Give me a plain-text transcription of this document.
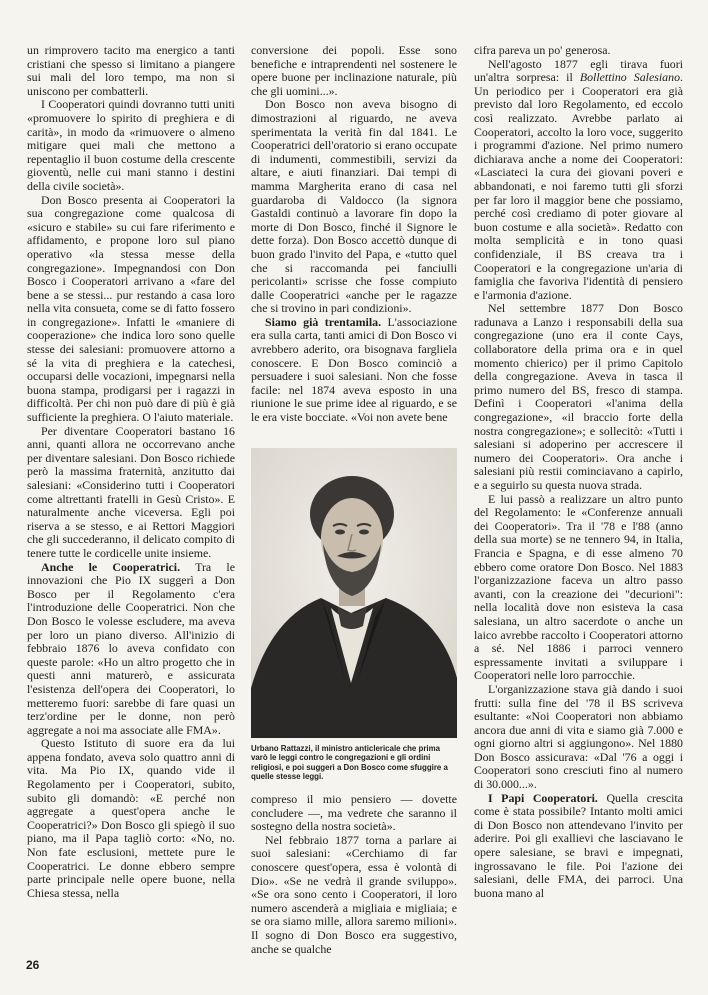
un rimprovero tacito ma energico a tanti cristiani che spesso si limitano a piangere sui mali del loro tempo, ma non si uniscono per combatterli.

I Cooperatori quindi dovranno tutti uniti «promuovere lo spirito di preghiera e di carità», in modo da «rimuovere o almeno mitigare quei mali che mettono a repentaglio il buon costume della crescente gioventù, nelle cui mani stanno i destini della civile società».

Don Bosco presenta ai Cooperatori la sua congregazione come qualcosa di «sicuro e stabile» su cui fare riferimento e affidamento, e propone loro sul piano operativo «la stessa messe della congregazione». Impegnandosi con Don Bosco i Cooperatori arrivano a «fare del bene a se stessi... pur restando a casa loro nella vita consueta, come se di fatto fossero in congregazione». Infatti le «maniere di cooperazione» che indica loro sono quelle stesse dei salesiani: promuovere attorno a sé la vita di preghiera e la catechesi, occuparsi delle vocazioni, impegnarsi nella buona stampa, prodigarsi per i ragazzi in difficoltà. Per chi non può dare di più è già sufficiente la preghiera. O l'aiuto materiale.

Per diventare Cooperatori bastano 16 anni, quanti allora ne occorrevano anche per diventare salesiani. Don Bosco richiede però la massima fraternità, anzitutto dai salesiani: «Considerino tutti i Cooperatori come altrettanti fratelli in Gesù Cristo». E naturalmente anche viceversa. Egli poi riserva a se stesso, e ai Rettori Maggiori che gli succederanno, il delicato compito di tenere tutte le cordicelle unite insieme.

Anche le Cooperatrici. Tra le innovazioni che Pio IX suggerì a Don Bosco per il Regolamento c'era l'introduzione delle Cooperatrici. Non che Don Bosco le volesse escludere, ma aveva per loro un piano diverso. All'inizio di febbraio 1876 lo aveva confidato con queste parole: «Ho un altro progetto che in questi anni maturerò, e assicurata l'esistenza dell'opera dei Cooperatori, lo metteremo fuori: sarebbe di fare quasi un terz'ordine per le donne, non però aggregate a noi ma associate alle FMA».

Questo Istituto di suore era da lui appena fondato, aveva solo quattro anni di vita. Ma Pio IX, quando vide il Regolamento per i Cooperatori, subito, subito gli domandò: «E perché non aggregate a quest'opera anche le Cooperatrici?» Don Bosco gli spiegò il suo piano, ma il Papa tagliò corto: «No, no. Non fate esclusioni, mettete pure le Cooperatrici. Le donne ebbero sempre parte principale nelle opere buone, nella Chiesa stessa, nella

conversione dei popoli. Esse sono benefiche e intraprendenti nel sostenere le opere buone per inclinazione naturale, più che gli uomini...».

Don Bosco non aveva bisogno di dimostrazioni al riguardo, ne aveva sperimentata la verità fin dal 1841. Le Cooperatrici dell'oratorio si erano occupate di indumenti, commestibili, servizi da altare, e aiuti finanziari. Dai tempi di mamma Margherita erano di casa nel guardaroba di Valdocco (la signora Gastaldi continuò a lavorare fin dopo la morte di Don Bosco, finché il Signore le dette forza). Don Bosco accettò dunque di buon grado l'invito del Papa, e «tutto quel che si raccomanda pei fanciulli pericolanti» scrisse che fosse compiuto dalle Cooperatrici «anche per le ragazze che si trovino in pari condizioni».

Siamo già trentamila. L'associazione era sulla carta, tanti amici di Don Bosco vi avrebbero aderito, ora bisognava fargliela conoscere. E Don Bosco cominciò a persuadere i suoi salesiani. Non che fosse facile: nel 1874 aveva esposto in una riunione le sue prime idee al riguardo, e se le era viste bocciate. «Voi non avete bene

Urbano Rattazzi, il ministro anticlericale che prima varò le leggi contro le congregazioni e gli ordini religiosi, e poi suggerì a Don Bosco come sfuggire a quelle stesse leggi.

compreso il mio pensiero — dovette concludere —, ma vedrete che saranno il sostegno della nostra società».

Nel febbraio 1877 torna a parlare ai suoi salesiani: «Cerchiamo di far conoscere quest'opera, essa è volontà di Dio». «Se ne vedrà il grande sviluppo». «Se ora sono cento i Cooperatori, il loro numero ascenderà a migliaia e migliaia; e se ora siamo mille, allora saremo milioni». Il sogno di Don Bosco era suggestivo, anche se qualche

cifra pareva un po' generosa.

Nell'agosto 1877 egli tirava fuori un'altra sorpresa: il Bollettino Salesiano. Un periodico per i Cooperatori era già previsto dal loro Regolamento, ed eccolo così realizzato. Avrebbe parlato ai Cooperatori, accolto la loro voce, suggerito i programmi d'azione. Nel primo numero dichiarava anche a nome dei Cooperatori: «Lasciateci la cura dei giovani poveri e abbandonati, e noi faremo tutti gli sforzi per far loro il maggior bene che possiamo, perché così crediamo di poter giovare al buon costume e alla società». Redatto con molta semplicità e in tono quasi confidenziale, il BS creava tra i Cooperatori e la congregazione un'aria di famiglia che favoriva l'identità di pensiero e l'armonia d'azione.

Nel settembre 1877 Don Bosco radunava a Lanzo i responsabili della sua congregazione (uno era il conte Cays, collaboratore della prima ora e in quel momento chierico) per il primo Capitolo della congregazione. Aveva in tasca il primo numero del BS, fresco di stampa. Definì i Cooperatori «l'anima della congregazione», «il braccio forte della nostra congregazione»; e sollecitò: «Tutti i salesiani si adoperino per accrescere il numero dei Cooperatori». Ora anche i salesiani più restii cominciavano a capirlo, e a seguirlo su questa nuova strada.

E lui passò a realizzare un altro punto del Regolamento: le «Conferenze annuali dei Cooperatori». Tra il '78 e l'88 (anno della sua morte) se ne tennero 94, in Italia, Francia e Spagna, e di esse almeno 70 ebbero come oratore Don Bosco. Nel 1883 l'organizzazione faceva un altro passo avanti, con la creazione dei "decurioni": nella località dove non esisteva la casa salesiana, un altro sacerdote o anche un laico avrebbe raccolto i Cooperatori attorno a sé. Nel 1886 i parroci vennero espressamente invitati a sviluppare i Cooperatori nelle loro parrocchie.

L'organizzazione stava già dando i suoi frutti: sulla fine del '78 il BS scriveva esultante: «Noi Cooperatori non abbiamo ancora due anni di vita e siamo già 7.000 e ogni giorno altri si aggiungono». Nel 1880 Don Bosco assicurava: «Dal '76 a oggi i Cooperatori sono cresciuti fino al numero di 30.000...».

I Papi Cooperatori. Quella crescita come è stata possibile? Intanto molti amici di Don Bosco non attendevano l'invito per aderire. Poi gli exallievi che lasciavano le opere salesiane, se bravi e impegnati, ingrossavano le file. Poi l'azione dei salesiani, delle FMA, dei parroci. Una buona mano al

26
